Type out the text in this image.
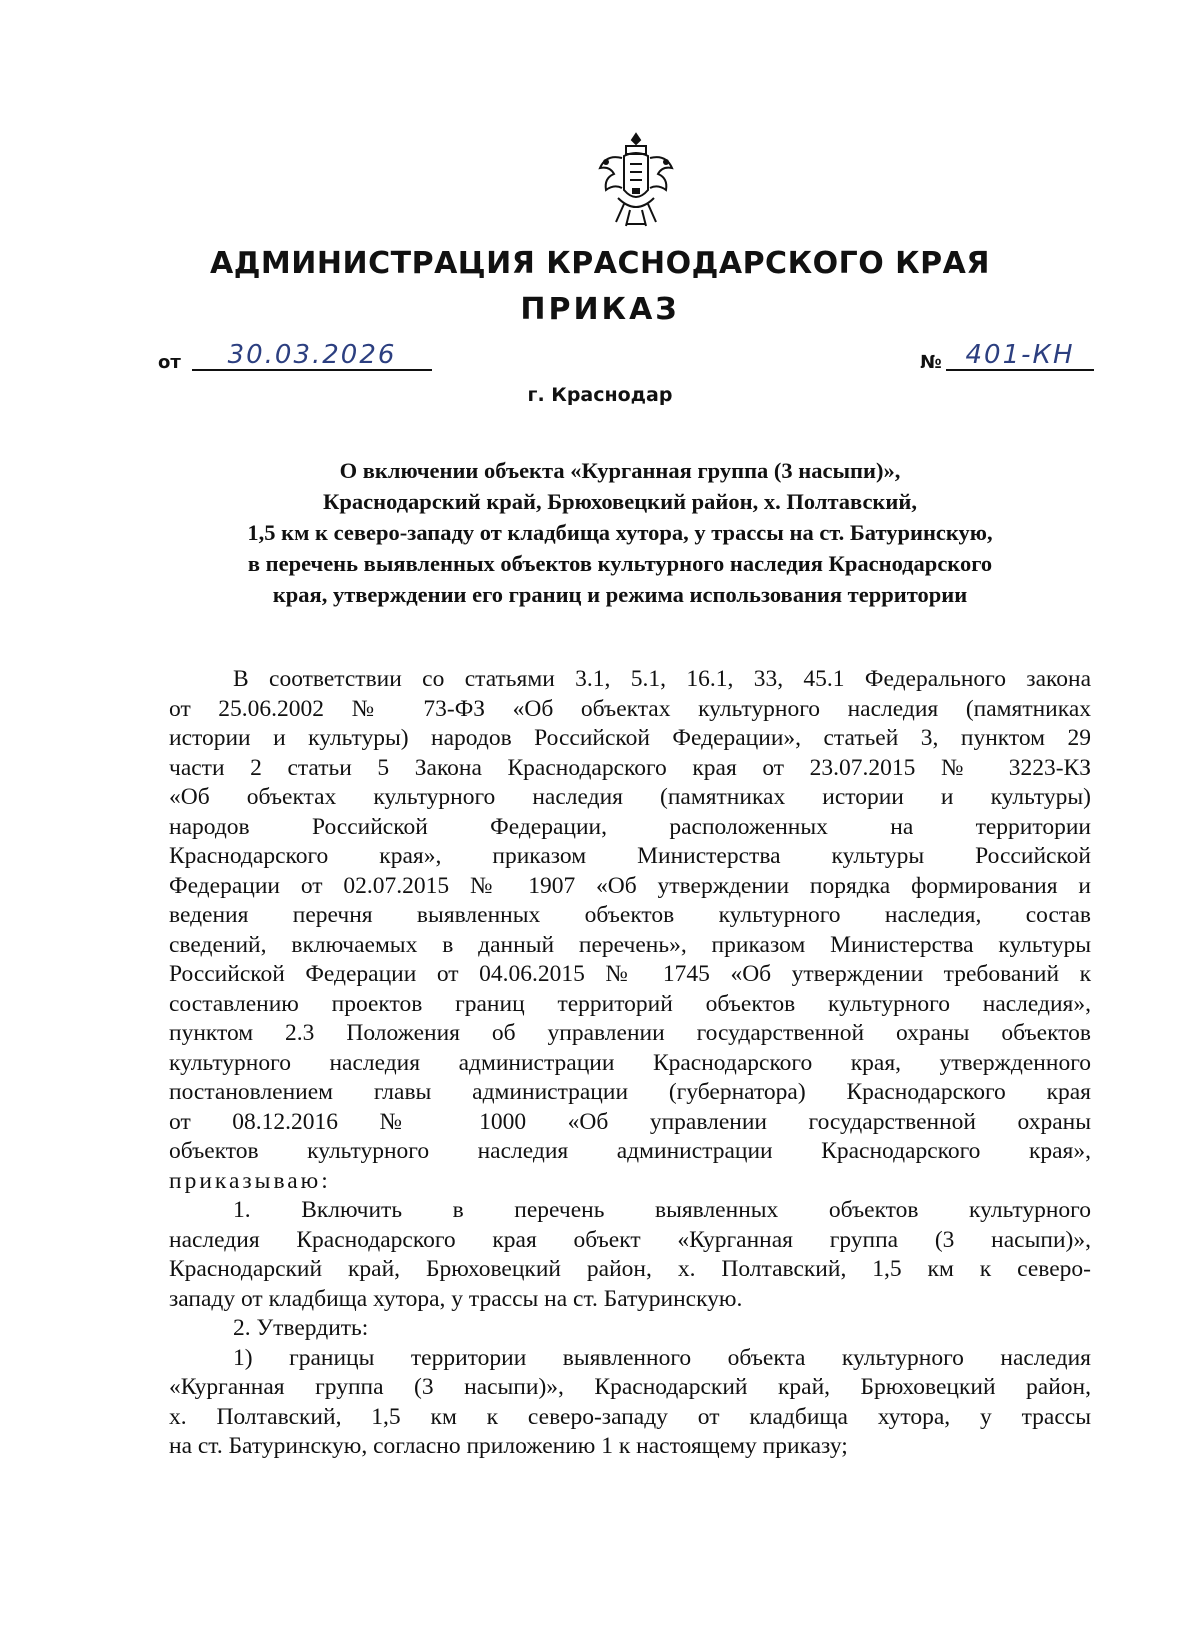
АДМИНИСТРАЦИЯ КРАСНОДАРСКОГО КРАЯ
ПРИКАЗ
от	30.03.2026	№ 401-КН
г. Краснодар
О включении объекта «Курганная группа (3 насыпи)»,
Краснодарский край, Брюховецкий район, х. Полтавский,
1,5 км к северо-западу от кладбища хутора, у трассы на ст. Батуринскую,
в перечень выявленных объектов культурного наследия Краснодарского
края, утверждении его границ и режима использования территории
В соответствии со статьями 3.1, 5.1, 16.1, 33, 45.1 Федерального закона
от 25.06.2002 № 73-ФЗ «Об объектах культурного наследия (памятниках
истории и культуры) народов Российской Федерации», статьей 3, пунктом 29
части 2 статьи 5 Закона Краснодарского края от 23.07.2015 № 3223-КЗ
«Об объектах культурного наследия (памятниках истории и культуры)
народов Российской Федерации, расположенных на территории
Краснодарского края», приказом Министерства культуры Российской
Федерации от 02.07.2015 № 1907 «Об утверждении порядка формирования и
ведения перечня выявленных объектов культурного наследия, состав
сведений, включаемых в данный перечень», приказом Министерства культуры
Российской Федерации от 04.06.2015 № 1745 «Об утверждении требований к
составлению проектов границ территорий объектов культурного наследия»,
пунктом 2.3 Положения об управлении государственной охраны объектов
культурного наследия администрации Краснодарского края, утвержденного
постановлением главы администрации (губернатора) Краснодарского края
от 08.12.2016 № 1000 «Об управлении государственной охраны
объектов культурного наследия администрации Краснодарского края»,
приказываю:
1. Включить в перечень выявленных объектов культурного
наследия Краснодарского края объект «Курганная группа (3 насыпи)»,
Краснодарский край, Брюховецкий район, х. Полтавский, 1,5 км к северо-
западу от кладбища хутора, у трассы на ст. Батуринскую.
2. Утвердить:
1) границы территории выявленного объекта культурного наследия
«Курганная группа (3 насыпи)», Краснодарский край, Брюховецкий район,
х. Полтавский, 1,5 км к северо-западу от кладбища хутора, у трассы
на ст. Батуринскую, согласно приложению 1 к настоящему приказу;
